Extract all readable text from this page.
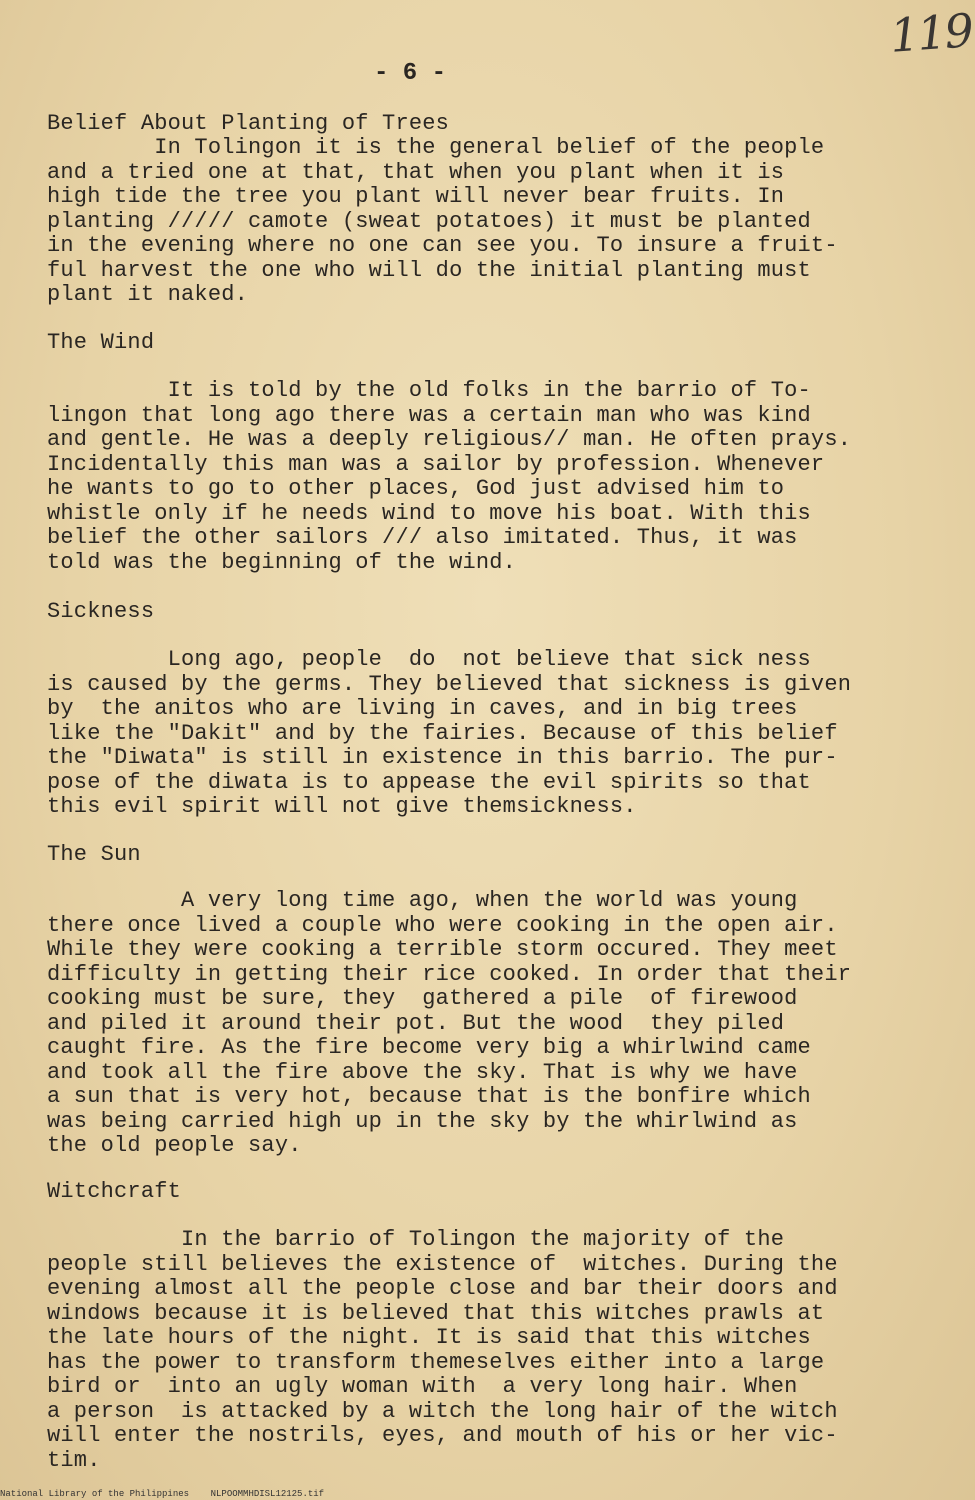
119
- 6 -
Belief About Planting of Trees
In Tolingon it is the general belief of the people
and a tried one at that, that when you plant when it is
high tide the tree you plant will never bear fruits. In
planting ///// camote (sweat potatoes) it must be planted
in the evening where no one can see you. To insure a fruit-
ful harvest the one who will do the initial planting must
plant it naked.
The Wind
It is told by the old folks in the barrio of To-
lingon that long ago there was a certain man who was kind
and gentle. He was a deeply religious// man. He often prays.
Incidentally this man was a sailor by profession. Whenever
he wants to go to other places, God just advised him to
whistle only if he needs wind to move his boat. With this
belief the other sailors /// also imitated. Thus, it was
told was the beginning of the wind.
Sickness
Long ago, people  do  not believe that sick ness
is caused by the germs. They believed that sickness is given
by  the anitos who are living in caves, and in big trees
like the "Dakit" and by the fairies. Because of this belief
the "Diwata" is still in existence in this barrio. The pur-
pose of the diwata is to appease the evil spirits so that
this evil spirit will not give themsickness.
The Sun
A very long time ago, when the world was young
there once lived a couple who were cooking in the open air.
While they were cooking a terrible storm occured. They meet
difficulty in getting their rice cooked. In order that their
cooking must be sure, they  gathered a pile  of firewood
and piled it around their pot. But the wood  they piled
caught fire. As the fire become very big a whirlwind came
and took all the fire above the sky. That is why we have
a sun that is very hot, because that is the bonfire which
was being carried high up in the sky by the whirlwind as
the old people say.
Witchcraft
In the barrio of Tolingon the majority of the
people still believes the existence of  witches. During the
evening almost all the people close and bar their doors and
windows because it is believed that this witches prawls at
the late hours of the night. It is said that this witches
has the power to transform themeselves either into a large
bird or  into an ugly woman with  a very long hair. When
a person  is attacked by a witch the long hair of the witch
will enter the nostrils, eyes, and mouth of his or her vic-
tim.
National Library of the Philippines    NLPOOMMHDISL12125.tif
